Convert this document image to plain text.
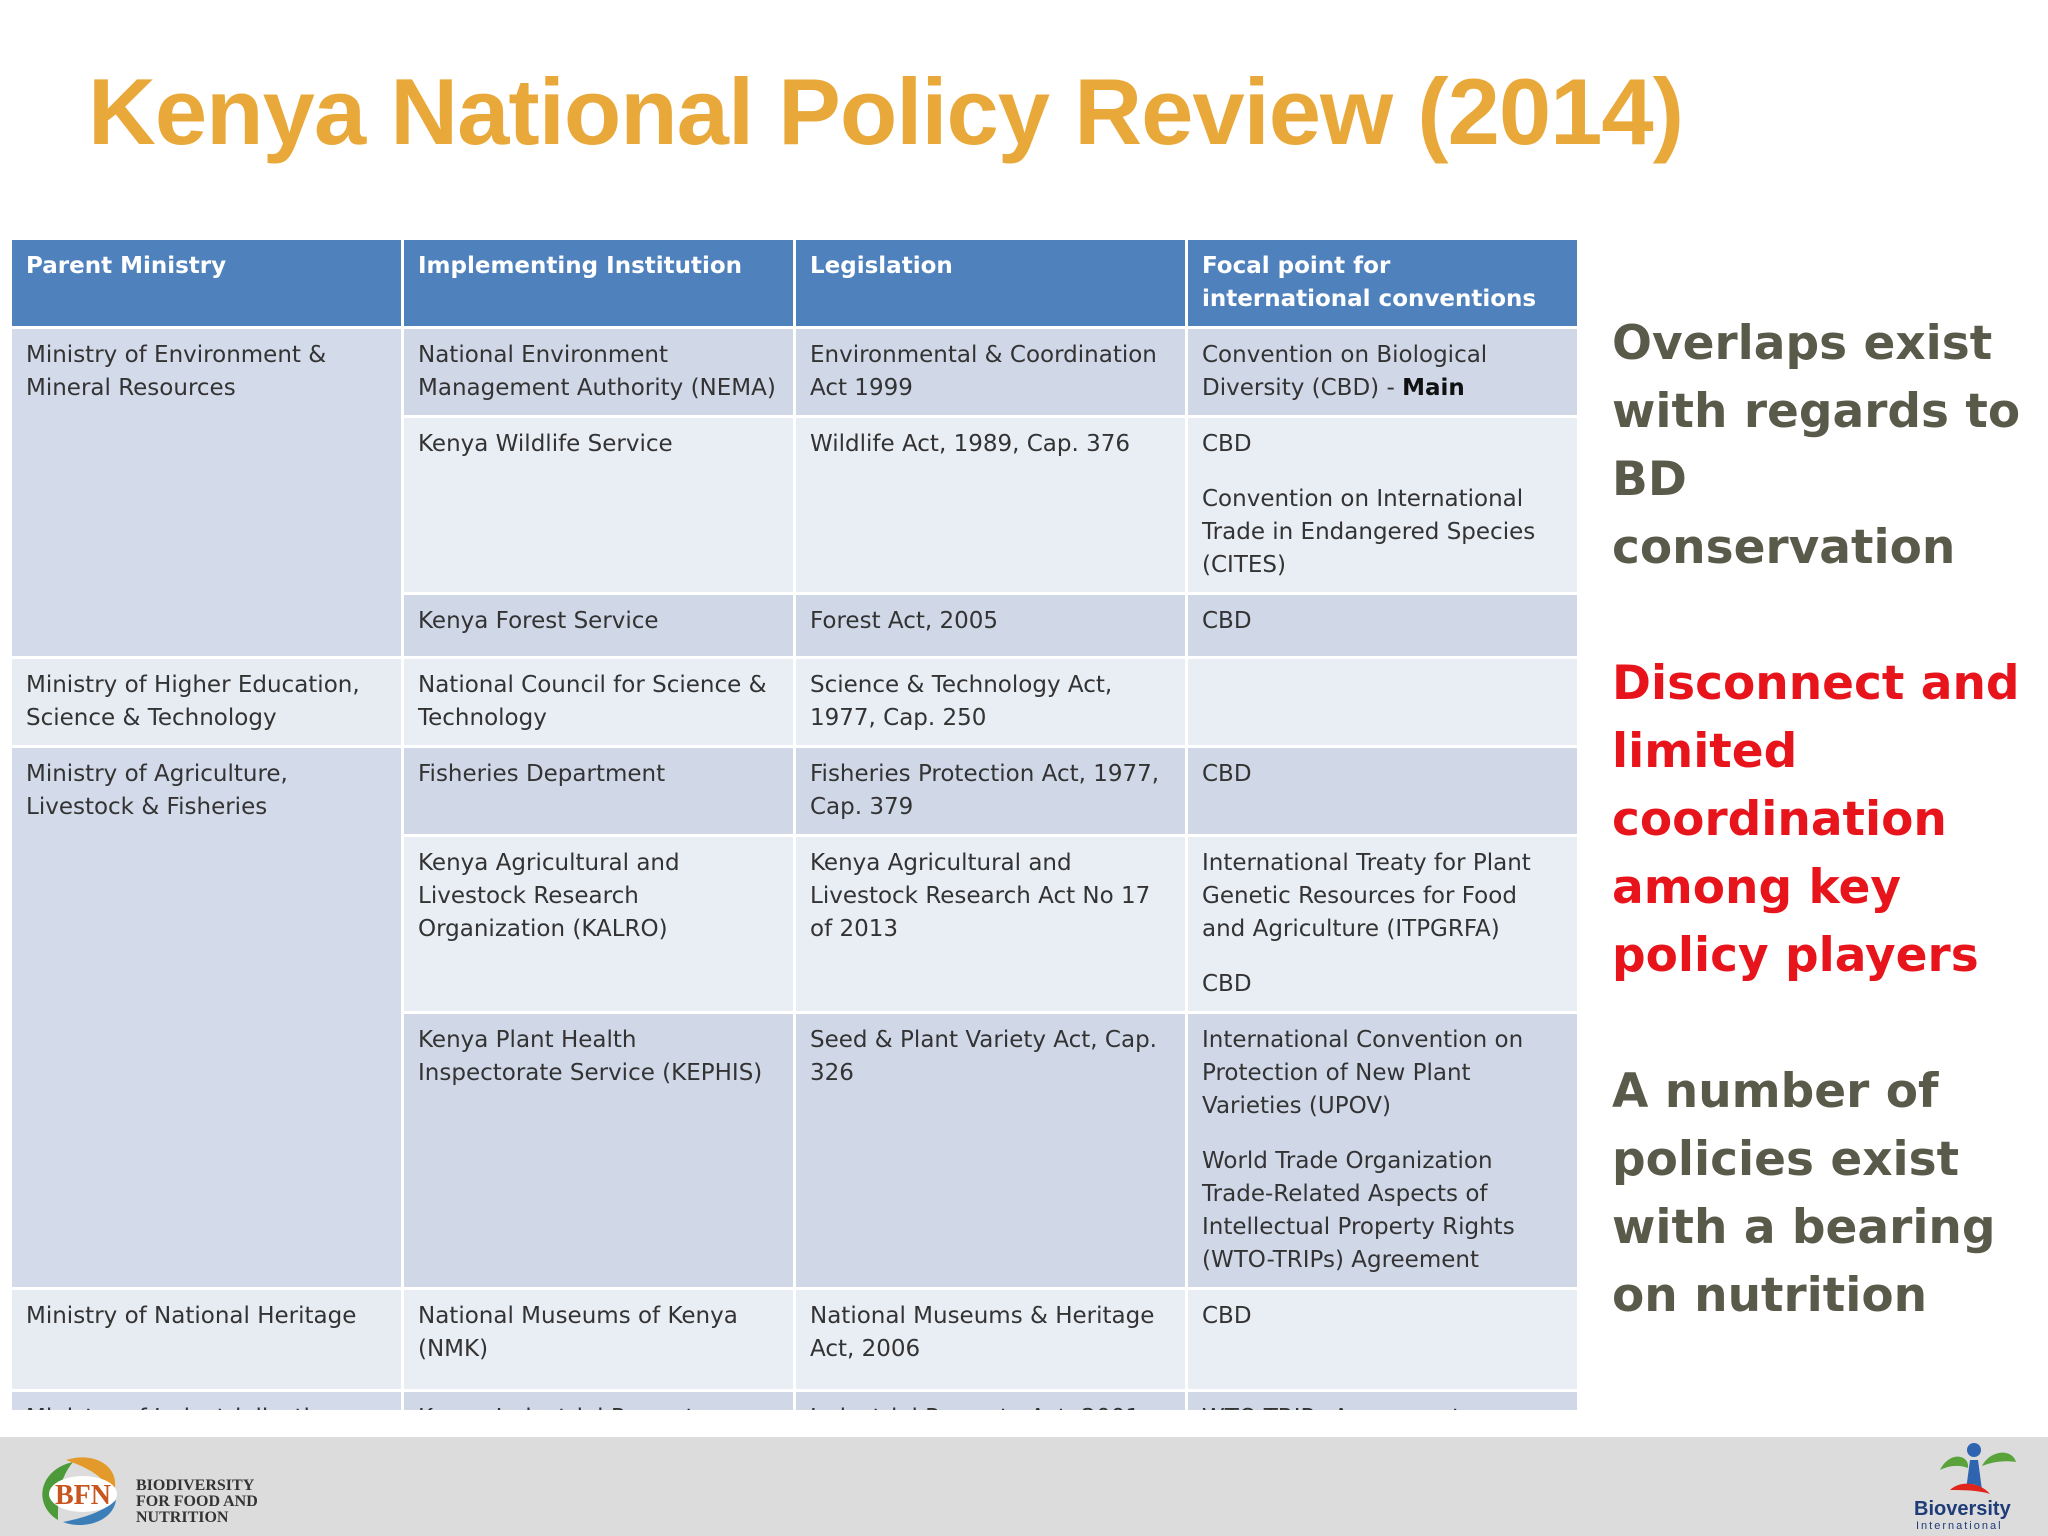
Kenya National Policy Review (2014)
Parent Ministry	Implementing Institution	Legislation	Focal point for international conventions
Ministry of Environment & Mineral Resources	National Environment Management Authority (NEMA)	Environmental & Coordination Act 1999	Convention on Biological Diversity (CBD) - Main
	Kenya Wildlife Service	Wildlife Act, 1989, Cap. 376	CBD
Convention on International Trade in Endangered Species (CITES)

	Kenya Forest Service	Forest Act, 2005	CBD
Ministry of Higher Education, Science & Technology	National Council for Science & Technology	Science & Technology Act, 1977, Cap. 250	
Ministry of Agriculture, Livestock & Fisheries	Fisheries Department	Fisheries Protection Act, 1977, Cap. 379	CBD
	Kenya Agricultural and Livestock Research Organization (KALRO)	Kenya Agricultural and Livestock Research Act No 17 of 2013	International Treaty for Plant Genetic Resources for Food and Agriculture (ITPGRFA)
CBD

	Kenya Plant Health Inspectorate Service (KEPHIS)	Seed & Plant Variety Act, Cap. 326	International Convention on Protection of New Plant Varieties (UPOV)
World Trade Organization Trade-Related Aspects of Intellectual Property Rights (WTO-TRIPs) Agreement

Ministry of National Heritage	National Museums of Kenya (NMK)	National Museums & Heritage Act, 2006	CBD

Overlaps exist with regards to BD conservation

Disconnect and limited coordination among key policy players

A number of policies exist with a bearing on nutrition

BFN BIODIVERSITY
FOR FOOD AND
NUTRITION	Bioversity
International
